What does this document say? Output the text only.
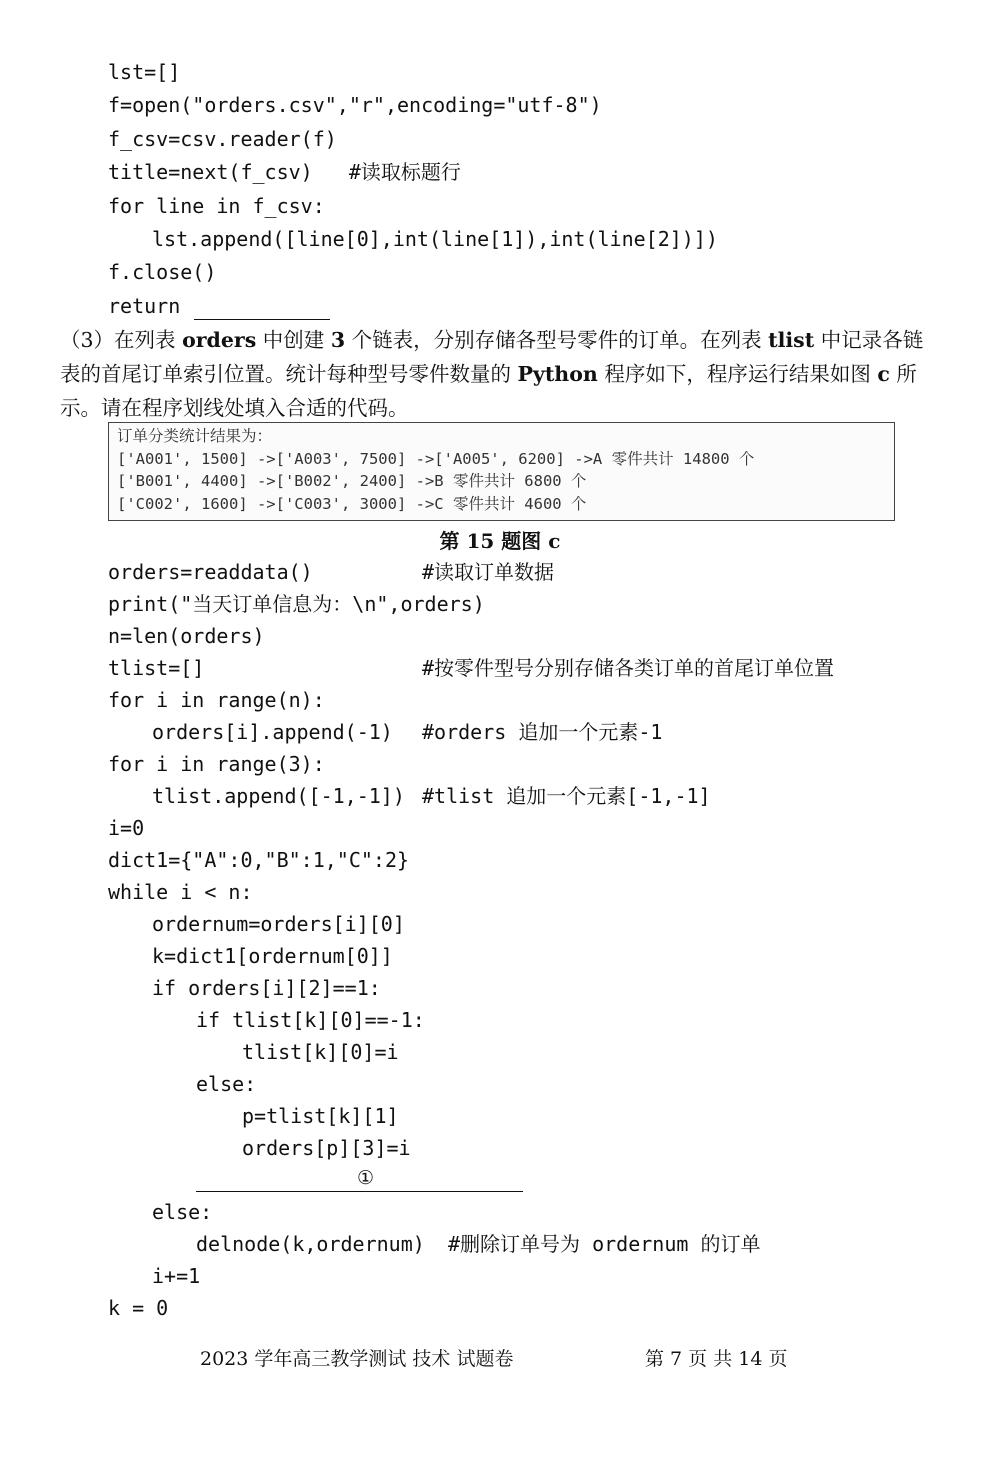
lst=[]
f=open("orders.csv","r",encoding="utf-8")
f_csv=csv.reader(f)
title=next(f_csv)   #读取标题行
for line in f_csv:
lst.append([line[0],int(line[1]),int(line[2])])
f.close()
return
（3）在列表 orders 中创建 3 个链表，分别存储各型号零件的订单。在列表 tlist 中记录各链表的首尾订单索引位置。统计每种型号零件数量的 Python 程序如下，程序运行结果如图 c 所示。请在程序划线处填入合适的代码。
订单分类统计结果为：
['A001', 1500] ->['A003', 7500] ->['A005', 6200] ->A 零件共计 14800 个
['B001', 4400] ->['B002', 2400] ->B 零件共计 6800 个
['C002', 1600] ->['C003', 3000] ->C 零件共计 4600 个
第 15 题图 c
orders=readdata()	#读取订单数据
print("当天订单信息为：\n",orders)
n=len(orders)
tlist=[]	#按零件型号分别存储各类订单的首尾订单位置
for i in range(n):
orders[i].append(-1) #orders 追加一个元素-1
for i in range(3):
tlist.append([-1,-1]) #tlist 追加一个元素[-1,-1]
i=0
dict1={"A":0,"B":1,"C":2}
while i < n:
ordernum=orders[i][0]
k=dict1[ordernum[0]]
if orders[i][2]==1:
if tlist[k][0]==-1:
tlist[k][0]=i
else:
p=tlist[k][1]
orders[p][3]=i
①
else:
delnode(k,ordernum) #删除订单号为 ordernum 的订单
i+=1
k = 0
2023 学年高三教学测试 技术 试题卷	第 7 页 共 14 页
